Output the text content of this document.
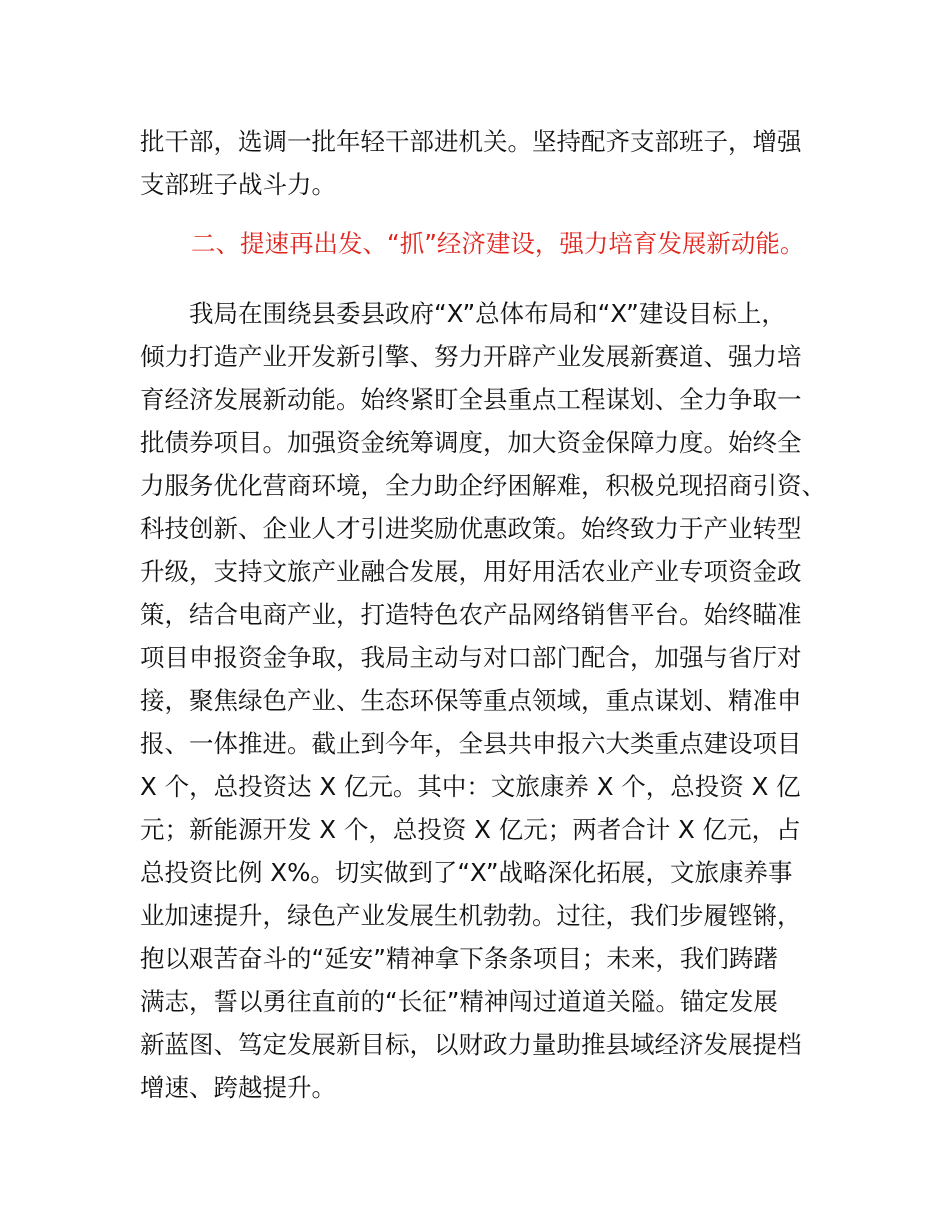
批干部，选调一批年轻干部进机关。坚持配齐支部班子，增强
支部班子战斗力。
二、提速再出发、“抓”经济建设，强力培育发展新动能。
　　我局在围绕县委县政府“X”总体布局和“X”建设目标上，
倾力打造产业开发新引擎、努力开辟产业发展新赛道、强力培
育经济发展新动能。始终紧盯全县重点工程谋划、全力争取一
批债券项目。加强资金统筹调度，加大资金保障力度。始终全
力服务优化营商环境，全力助企纾困解难，积极兑现招商引资、
科技创新、企业人才引进奖励优惠政策。始终致力于产业转型
升级，支持文旅产业融合发展，用好用活农业产业专项资金政
策，结合电商产业，打造特色农产品网络销售平台。始终瞄准
项目申报资金争取，我局主动与对口部门配合，加强与省厅对
接，聚焦绿色产业、生态环保等重点领域，重点谋划、精准申
报、一体推进。截止到今年，全县共申报六大类重点建设项目
X 个，总投资达 X 亿元。其中：文旅康养 X 个，总投资 X 亿
元；新能源开发 X 个，总投资 X 亿元；两者合计 X 亿元，占
总投资比例 X%。切实做到了“X”战略深化拓展，文旅康养事
业加速提升，绿色产业发展生机勃勃。过往，我们步履铿锵，
抱以艰苦奋斗的“延安”精神拿下条条项目；未来，我们踌躇
满志，誓以勇往直前的“长征”精神闯过道道关隘。锚定发展
新蓝图、笃定发展新目标，以财政力量助推县域经济发展提档
增速、跨越提升。
